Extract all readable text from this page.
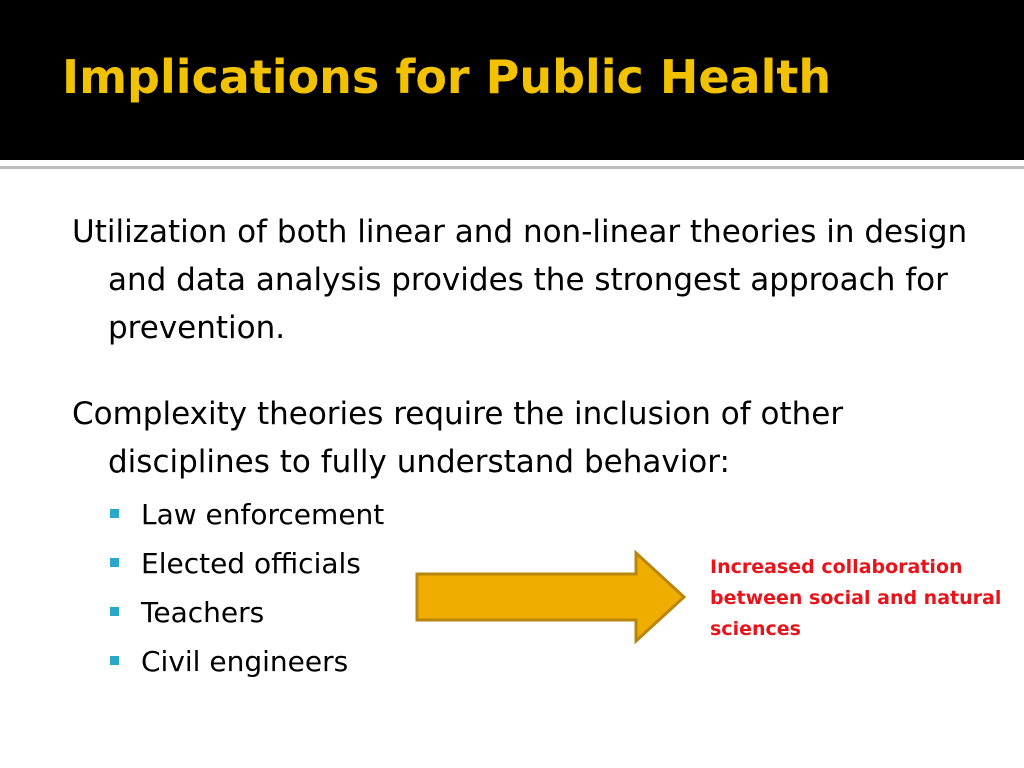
Implications for Public Health

Utilization of both linear and non-linear theories in design and data analysis provides the strongest approach for prevention.

Complexity theories require the inclusion of other disciplines to fully understand behavior:

Law enforcement
Elected officials
Teachers
Civil engineers

Increased collaboration between social and natural sciences
